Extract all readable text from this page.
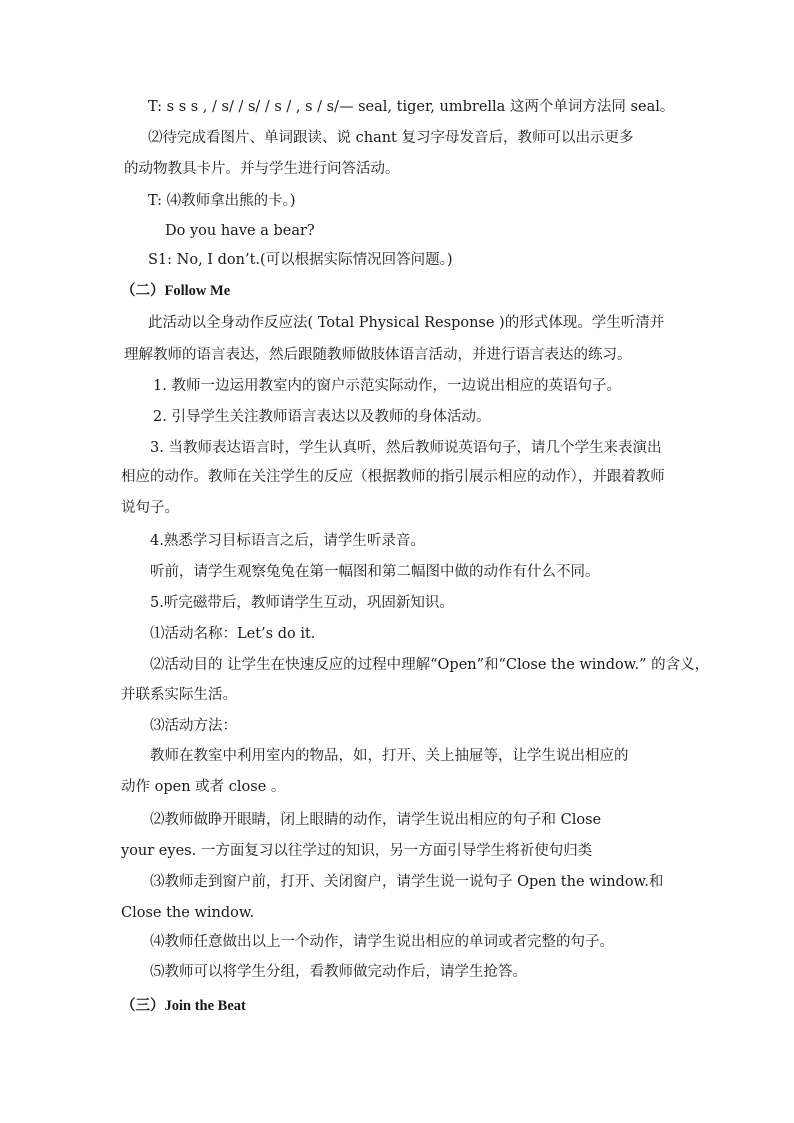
T: s s s , / s/ / s/ / s / , s / s/— seal, tiger, umbrella 这两个单词方法同 seal。
⑵待完成看图片、单词跟读、说 chant 复习字母发音后，教师可以出示更多
的动物教具卡片。并与学生进行问答活动。
T: ⑷教师拿出熊的卡。)
Do you have a bear?
S1: No, I don’t.(可以根据实际情况回答问题。)
（二）Follow Me
此活动以全身动作反应法( Total Physical Response )的形式体现。学生听清并
理解教师的语言表达，然后跟随教师做肢体语言活动，并进行语言表达的练习。
1. 教师一边运用教室内的窗户示范实际动作，一边说出相应的英语句子。
2. 引导学生关注教师语言表达以及教师的身体活动。
3. 当教师表达语言时，学生认真听，然后教师说英语句子，请几个学生来表演出
相应的动作。教师在关注学生的反应（根据教师的指引展示相应的动作），并跟着教师
说句子。
4.熟悉学习目标语言之后，请学生听录音。
听前，请学生观察兔兔在第一幅图和第二幅图中做的动作有什么不同。
5.听完磁带后，教师请学生互动，巩固新知识。
⑴活动名称：Let’s do it.
⑵活动目的 让学生在快速反应的过程中理解“Open”和“Close the window.” 的含义，
并联系实际生活。
⑶活动方法：
教师在教室中利用室内的物品，如，打开、关上抽屉等，让学生说出相应的
动作 open 或者 close 。
⑵教师做睁开眼睛，闭上眼睛的动作，请学生说出相应的句子和 Close
your eyes. 一方面复习以往学过的知识，另一方面引导学生将祈使句归类
⑶教师走到窗户前，打开、关闭窗户，请学生说一说句子 Open the window.和
Close the window.
⑷教师任意做出以上一个动作，请学生说出相应的单词或者完整的句子。
⑸教师可以将学生分组，看教师做完动作后，请学生抢答。
（三）Join the Beat
